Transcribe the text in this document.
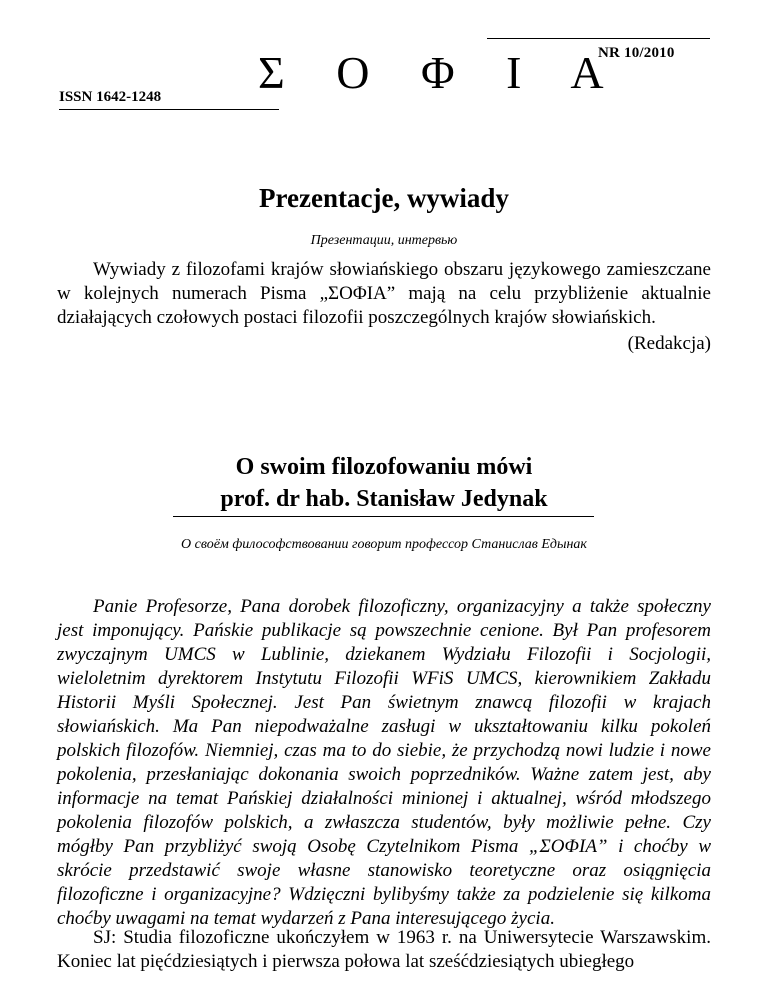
NR 10/2010
Σ Ο Φ Ι Α
ISSN 1642-1248
Prezentacje, wywiady
Презентации, интервью

Wywiady z filozofami krajów słowiańskiego obszaru językowego zamieszczane w kolejnych numerach Pisma „ΣΟΦΙΑ” mają na celu przybliżenie aktualnie działających czołowych postaci filozofii poszczególnych krajów słowiańskich.

(Redakcja)
O swoim filozofowaniu mówi
prof. dr hab. Stanisław Jedynak
О своём философствовании говорит профессор Станислав Едынак

Panie Profesorze, Pana dorobek filozoficzny, organizacyjny a także społeczny jest imponujący. Pańskie publikacje są powszechnie cenione. Był Pan profesorem zwyczajnym UMCS w Lublinie, dziekanem Wydziału Filozofii i Socjologii, wieloletnim dyrektorem Instytutu Filozofii WFiS UMCS, kierownikiem Zakładu Historii Myśli Społecznej. Jest Pan świetnym znawcą filozofii w krajach słowiańskich. Ma Pan niepodważalne zasługi w ukształtowaniu kilku pokoleń polskich filozofów. Niemniej, czas ma to do siebie, że przychodzą nowi ludzie i nowe pokolenia, przesłaniając dokonania swoich poprzedników. Ważne zatem jest, aby informacje na temat Pańskiej działalności minionej i aktualnej, wśród młodszego pokolenia filozofów polskich, a zwłaszcza studentów, były możliwie pełne. Czy mógłby Pan przybliżyć swoją Osobę Czytelnikom Pisma „ΣΟΦΙΑ” i choćby w skrócie przedstawić swoje własne stanowisko teoretyczne oraz osiągnięcia filozoficzne i organizacyjne? Wdzięczni bylibyśmy także za podzielenie się kilkoma choćby uwagami na temat wydarzeń z Pana interesującego życia.

SJ: Studia filozoficzne ukończyłem w 1963 r. na Uniwersytecie Warszawskim. Koniec lat pięćdziesiątych i pierwsza połowa lat sześćdziesiątych ubiegłego
